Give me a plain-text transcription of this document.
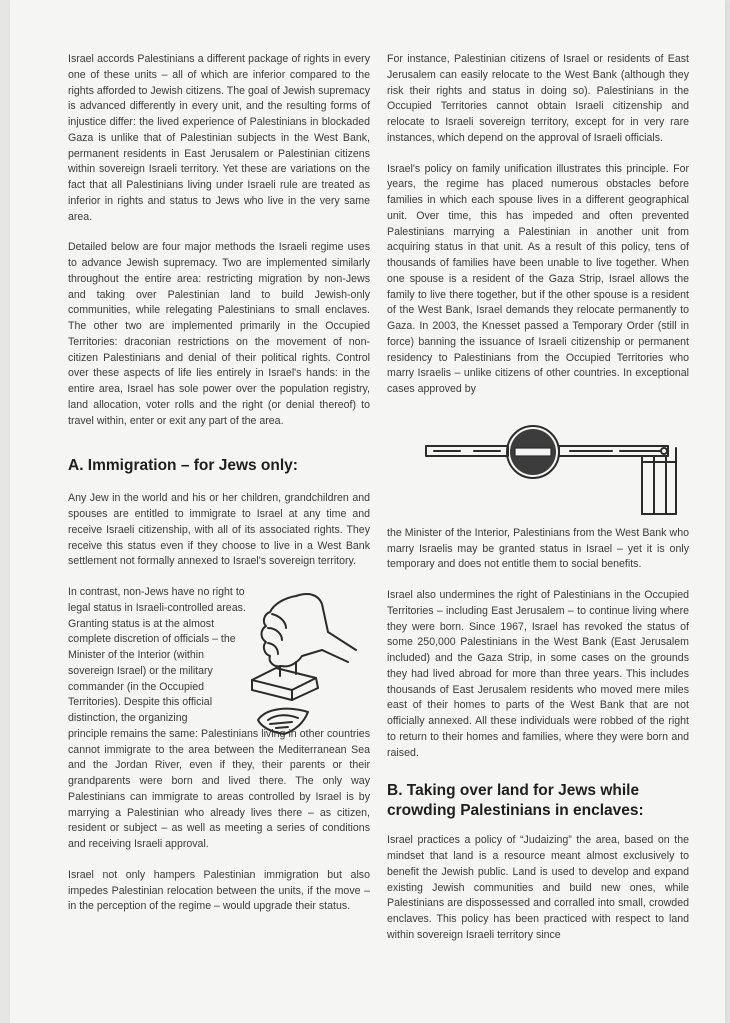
Israel accords Palestinians a different package of rights in every one of these units – all of which are inferior compared to the rights afforded to Jewish citizens. The goal of Jewish supremacy is advanced differently in every unit, and the resulting forms of injustice differ: the lived experience of Palestinians in blockaded Gaza is unlike that of Palestinian subjects in the West Bank, permanent residents in East Jerusalem or Palestinian citizens within sovereign Israeli territory. Yet these are variations on the fact that all Palestinians living under Israeli rule are treated as inferior in rights and status to Jews who live in the very same area.

Detailed below are four major methods the Israeli regime uses to advance Jewish supremacy. Two are implemented similarly throughout the entire area: restricting migration by non-Jews and taking over Palestinian land to build Jewish-only communities, while relegating Palestinians to small enclaves. The other two are implemented primarily in the Occupied Territories: draconian restrictions on the movement of non-citizen Palestinians and denial of their political rights. Control over these aspects of life lies entirely in Israel's hands: in the entire area, Israel has sole power over the population registry, land allocation, voter rolls and the right (or denial thereof) to travel within, enter or exit any part of the area.

A. Immigration – for Jews only:

Any Jew in the world and his or her children, grandchildren and spouses are entitled to immigrate to Israel at any time and receive Israeli citizenship, with all of its associated rights. They receive this status even if they choose to live in a West Bank settlement not formally annexed to Israel's sovereign territory.

In contrast, non-Jews have no right to legal status in Israeli-controlled areas. Granting status is at the almost complete discretion of officials – the Minister of the Interior (within sovereign Israel) or the military commander (in the Occupied Territories). Despite this official distinction, the organizing

principle remains the same: Palestinians living in other countries cannot immigrate to the area between the Mediterranean Sea and the Jordan River, even if they, their parents or their grandparents were born and lived there. The only way Palestinians can immigrate to areas controlled by Israel is by marrying a Palestinian who already lives there – as citizen, resident or subject – as well as meeting a series of conditions and receiving Israeli approval.

Israel not only hampers Palestinian immigration but also impedes Palestinian relocation between the units, if the move – in the perception of the regime – would upgrade their status.

For instance, Palestinian citizens of Israel or residents of East Jerusalem can easily relocate to the West Bank (although they risk their rights and status in doing so). Palestinians in the Occupied Territories cannot obtain Israeli citizenship and relocate to Israeli sovereign territory, except for in very rare instances, which depend on the approval of Israeli officials.

Israel's policy on family unification illustrates this principle. For years, the regime has placed numerous obstacles before families in which each spouse lives in a different geographical unit. Over time, this has impeded and often prevented Palestinians marrying a Palestinian in another unit from acquiring status in that unit. As a result of this policy, tens of thousands of families have been unable to live together. When one spouse is a resident of the Gaza Strip, Israel allows the family to live there together, but if the other spouse is a resident of the West Bank, Israel demands they relocate permanently to Gaza. In 2003, the Knesset passed a Temporary Order (still in force) banning the issuance of Israeli citizenship or permanent residency to Palestinians from the Occupied Territories who marry Israelis – unlike citizens of other countries. In exceptional cases approved by

the Minister of the Interior, Palestinians from the West Bank who marry Israelis may be granted status in Israel – yet it is only temporary and does not entitle them to social benefits.

Israel also undermines the right of Palestinians in the Occupied Territories – including East Jerusalem – to continue living where they were born. Since 1967, Israel has revoked the status of some 250,000 Palestinians in the West Bank (East Jerusalem included) and the Gaza Strip, in some cases on the grounds they had lived abroad for more than three years. This includes thousands of East Jerusalem residents who moved mere miles east of their homes to parts of the West Bank that are not officially annexed. All these individuals were robbed of the right to return to their homes and families, where they were born and raised.

B. Taking over land for Jews while crowding Palestinians in enclaves:

Israel practices a policy of “Judaizing” the area, based on the mindset that land is a resource meant almost exclusively to benefit the Jewish public. Land is used to develop and expand existing Jewish communities and build new ones, while Palestinians are dispossessed and corralled into small, crowded enclaves. This policy has been practiced with respect to land within sovereign Israeli territory since
